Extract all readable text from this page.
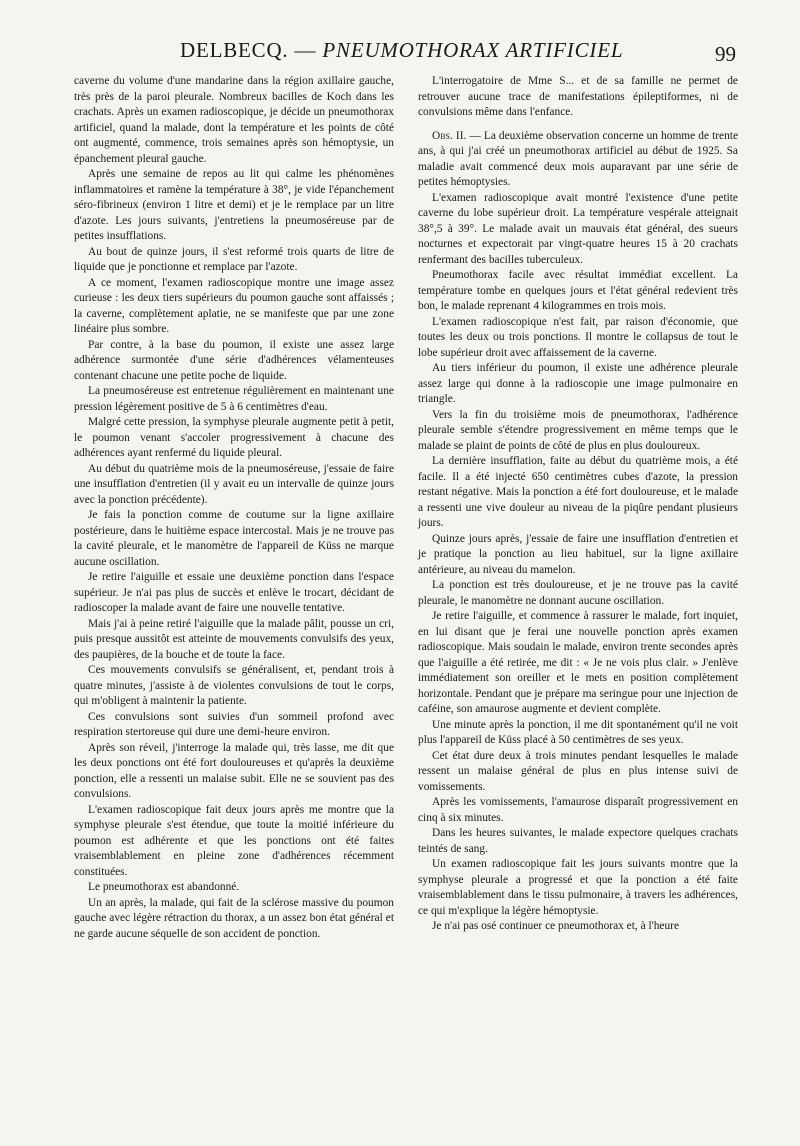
DELBECQ. — PNEUMOTHORAX ARTIFICIEL	99

caverne du volume d'une mandarine dans la région axillaire gauche, très près de la paroi pleurale. Nombreux bacilles de Koch dans les crachats. Après un examen radioscopique, je décide un pneumothorax artificiel, quand la malade, dont la température et les points de côté ont augmenté, commence, trois semaines après son hémoptysie, un épanchement pleural gauche.

Après une semaine de repos au lit qui calme les phénomènes inflammatoires et ramène la température à 38°, je vide l'épanchement séro-fibrineux (environ 1 litre et demi) et je le remplace par un litre d'azote. Les jours suivants, j'entretiens la pneumoséreuse par de petites insufflations.

Au bout de quinze jours, il s'est reformé trois quarts de litre de liquide que je ponctionne et remplace par l'azote.

A ce moment, l'examen radioscopique montre une image assez curieuse : les deux tiers supérieurs du poumon gauche sont affaissés ; la caverne, complètement aplatie, ne se manifeste que par une zone linéaire plus sombre.

Par contre, à la base du poumon, il existe une assez large adhérence surmontée d'une série d'adhérences vélamenteuses contenant chacune une petite poche de liquide.

La pneumoséreuse est entretenue régulièrement en maintenant une pression légèrement positive de 5 à 6 centimètres d'eau.

Malgré cette pression, la symphyse pleurale augmente petit à petit, le poumon venant s'accoler progressivement à chacune des adhérences ayant renfermé du liquide pleural.

Au début du quatrième mois de la pneumoséreuse, j'essaie de faire une insufflation d'entretien (il y avait eu un intervalle de quinze jours avec la ponction précédente).

Je fais la ponction comme de coutume sur la ligne axillaire postérieure, dans le huitième espace intercostal. Mais je ne trouve pas la cavité pleurale, et le manomètre de l'appareil de Küss ne marque aucune oscillation.

Je retire l'aiguille et essaie une deuxième ponction dans l'espace supérieur. Je n'ai pas plus de succès et enlève le trocart, décidant de radioscoper la malade avant de faire une nouvelle tentative.

Mais j'ai à peine retiré l'aiguille que la malade pâlit, pousse un cri, puis presque aussitôt est atteinte de mouvements convulsifs des yeux, des paupières, de la bouche et de toute la face.

Ces mouvements convulsifs se généralisent, et, pendant trois à quatre minutes, j'assiste à de violentes convulsions de tout le corps, qui m'obligent à maintenir la patiente.

Ces convulsions sont suivies d'un sommeil profond avec respiration stertoreuse qui dure une demi-heure environ.

Après son réveil, j'interroge la malade qui, très lasse, me dit que les deux ponctions ont été fort douloureuses et qu'après la deuxième ponction, elle a ressenti un malaise subit. Elle ne se souvient pas des convulsions.

L'examen radioscopique fait deux jours après me montre que la symphyse pleurale s'est étendue, que toute la moitié inférieure du poumon est adhérente et que les ponctions ont été faites vraisemblablement en pleine zone d'adhérences récemment constituées.

Le pneumothorax est abandonné.

Un an après, la malade, qui fait de la sclérose massive du poumon gauche avec légère rétraction du thorax, a un assez bon état général et ne garde aucune séquelle de son accident de ponction.

L'interrogatoire de Mme S... et de sa famille ne permet de retrouver aucune trace de manifestations épileptiformes, ni de convulsions même dans l'enfance.

Obs. II. — La deuxième observation concerne un homme de trente ans, à qui j'ai créé un pneumothorax artificiel au début de 1925. Sa maladie avait commencé deux mois auparavant par une série de petites hémoptysies.

L'examen radioscopique avait montré l'existence d'une petite caverne du lobe supérieur droit. La température vespérale atteignait 38°,5 à 39°. Le malade avait un mauvais état général, des sueurs nocturnes et expectorait par vingt-quatre heures 15 à 20 crachats renfermant des bacilles tuberculeux.

Pneumothorax facile avec résultat immédiat excellent. La température tombe en quelques jours et l'état général redevient très bon, le malade reprenant 4 kilogrammes en trois mois.

L'examen radioscopique n'est fait, par raison d'économie, que toutes les deux ou trois ponctions. Il montre le collapsus de tout le lobe supérieur droit avec affaissement de la caverne.

Au tiers inférieur du poumon, il existe une adhérence pleurale assez large qui donne à la radioscopie une image pulmonaire en triangle.

Vers la fin du troisième mois de pneumothorax, l'adhérence pleurale semble s'étendre progressivement en même temps que le malade se plaint de points de côté de plus en plus douloureux.

La dernière insufflation, faite au début du quatrième mois, a été facile. Il a été injecté 650 centimètres cubes d'azote, la pression restant négative. Mais la ponction a été fort douloureuse, et le malade a ressenti une vive douleur au niveau de la piqûre pendant plusieurs jours.

Quinze jours après, j'essaie de faire une insufflation d'entretien et je pratique la ponction au lieu habituel, sur la ligne axillaire antérieure, au niveau du mamelon.

La ponction est très douloureuse, et je ne trouve pas la cavité pleurale, le manomètre ne donnant aucune oscillation.

Je retire l'aiguille, et commence à rassurer le malade, fort inquiet, en lui disant que je ferai une nouvelle ponction après examen radioscopique. Mais soudain le malade, environ trente secondes après que l'aiguille a été retirée, me dit : « Je ne vois plus clair. » J'enlève immédiatement son oreiller et le mets en position complètement horizontale. Pendant que je prépare ma seringue pour une injection de caféine, son amaurose augmente et devient complète.

Une minute après la ponction, il me dit spontanément qu'il ne voit plus l'appareil de Küss placé à 50 centimètres de ses yeux.

Cet état dure deux à trois minutes pendant lesquelles le malade ressent un malaise général de plus en plus intense suivi de vomissements.

Après les vomissements, l'amaurose disparaît progressivement en cinq à six minutes.

Dans les heures suivantes, le malade expectore quelques crachats teintés de sang.

Un examen radioscopique fait les jours suivants montre que la symphyse pleurale a progressé et que la ponction a été faite vraisemblablement dans le tissu pulmonaire, à travers les adhérences, ce qui m'explique la légère hémoptysie.

Je n'ai pas osé continuer ce pneumothorax et, à l'heure
